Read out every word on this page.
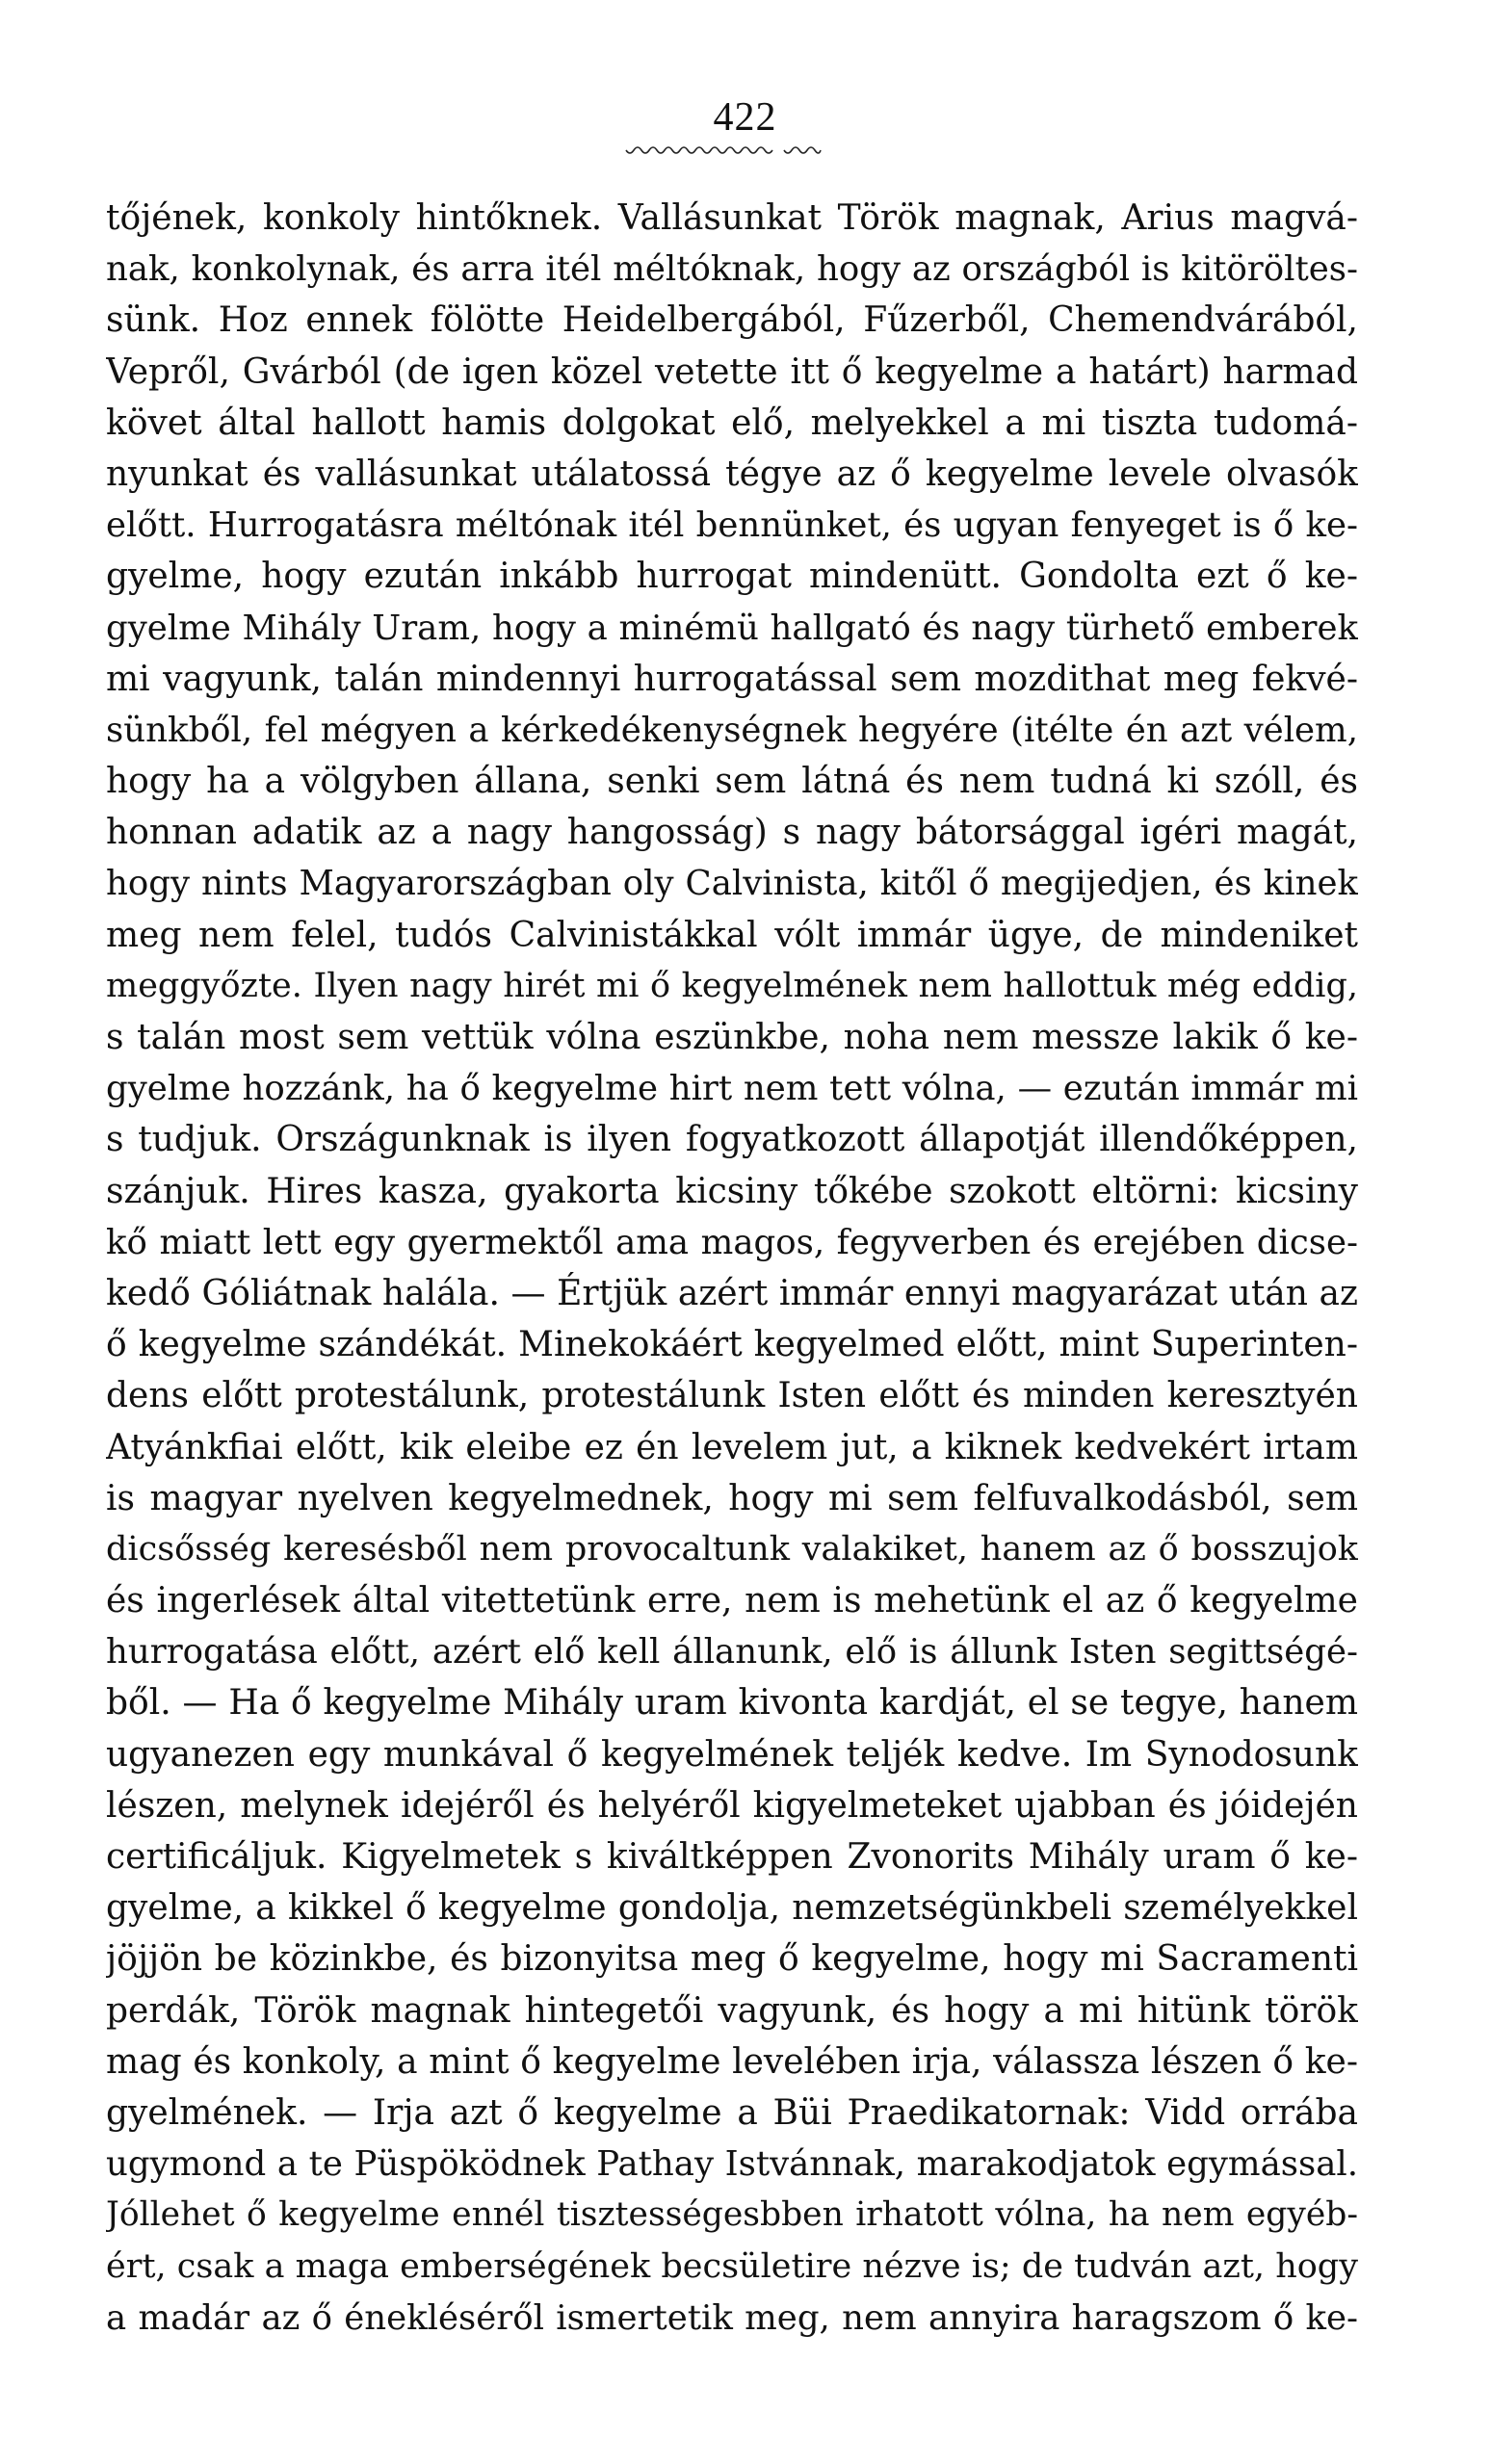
422
tőjének, konkoly hintőknek. Vallásunkat Török magnak, Arius magvá-
nak, konkolynak, és arra itél méltóknak, hogy az országból is kitöröltes-
sünk. Hoz ennek fölötte Heidelbergából, Fűzerből, Chemendvárából,
Vepről, Gvárból (de igen közel vetette itt ő kegyelme a határt) harmad
követ által hallott hamis dolgokat elő, melyekkel a mi tiszta tudomá-
nyunkat és vallásunkat utálatossá tégye az ő kegyelme levele olvasók
előtt. Hurrogatásra méltónak itél bennünket, és ugyan fenyeget is ő ke-
gyelme, hogy ezután inkább hurrogat mindenütt. Gondolta ezt ő ke-
gyelme Mihály Uram, hogy a minémü hallgató és nagy türhető emberek
mi vagyunk, talán mindennyi hurrogatással sem mozdithat meg fekvé-
sünkből, fel mégyen a kérkedékenységnek hegyére (itélte én azt vélem,
hogy ha a völgyben állana, senki sem látná és nem tudná ki szóll, és
honnan adatik az a nagy hangosság) s nagy bátorsággal igéri magát,
hogy nints Magyarországban oly Calvinista, kitől ő megijedjen, és kinek
meg nem felel, tudós Calvinistákkal vólt immár ügye, de mindeniket
meggyőzte. Ilyen nagy hirét mi ő kegyelmének nem hallottuk még eddig,
s talán most sem vettük vólna eszünkbe, noha nem messze lakik ő ke-
gyelme hozzánk, ha ő kegyelme hirt nem tett vólna, — ezután immár mi
s tudjuk. Országunknak is ilyen fogyatkozott állapotját illendőképpen,
szánjuk. Hires kasza, gyakorta kicsiny tőkébe szokott eltörni: kicsiny
kő miatt lett egy gyermektől ama magos, fegyverben és erejében dicse-
kedő Góliátnak halála. — Értjük azért immár ennyi magyarázat után az
ő kegyelme szándékát. Minekokáért kegyelmed előtt, mint Superinten-
dens előtt protestálunk, protestálunk Isten előtt és minden keresztyén
Atyánkfiai előtt, kik eleibe ez én levelem jut, a kiknek kedvekért irtam
is magyar nyelven kegyelmednek, hogy mi sem felfuvalkodásból, sem
dicsősség keresésből nem provocaltunk valakiket, hanem az ő bosszujok
és ingerlések által vitettetünk erre, nem is mehetünk el az ő kegyelme
hurrogatása előtt, azért elő kell állanunk, elő is állunk Isten segittségé-
ből. — Ha ő kegyelme Mihály uram kivonta kardját, el se tegye, hanem
ugyanezen egy munkával ő kegyelmének teljék kedve. Im Synodosunk
lészen, melynek idejéről és helyéről kigyelmeteket ujabban és jóidején
certificáljuk. Kigyelmetek s kiváltképpen Zvonorits Mihály uram ő ke-
gyelme, a kikkel ő kegyelme gondolja, nemzetségünkbeli személyekkel
jöjjön be közinkbe, és bizonyitsa meg ő kegyelme, hogy mi Sacramenti
perdák, Török magnak hintegetői vagyunk, és hogy a mi hitünk török
mag és konkoly, a mint ő kegyelme levelében irja, válassza lészen ő ke-
gyelmének. — Irja azt ő kegyelme a Büi Praedikatornak: Vidd orrába
ugymond a te Püspöködnek Pathay Istvánnak, marakodjatok egymással.
Jóllehet ő kegyelme ennél tisztességesbben irhatott vólna, ha nem egyéb-
ért, csak a maga emberségének becsületire nézve is; de tudván azt, hogy
a madár az ő énekléséről ismertetik meg, nem annyira haragszom ő ke-
